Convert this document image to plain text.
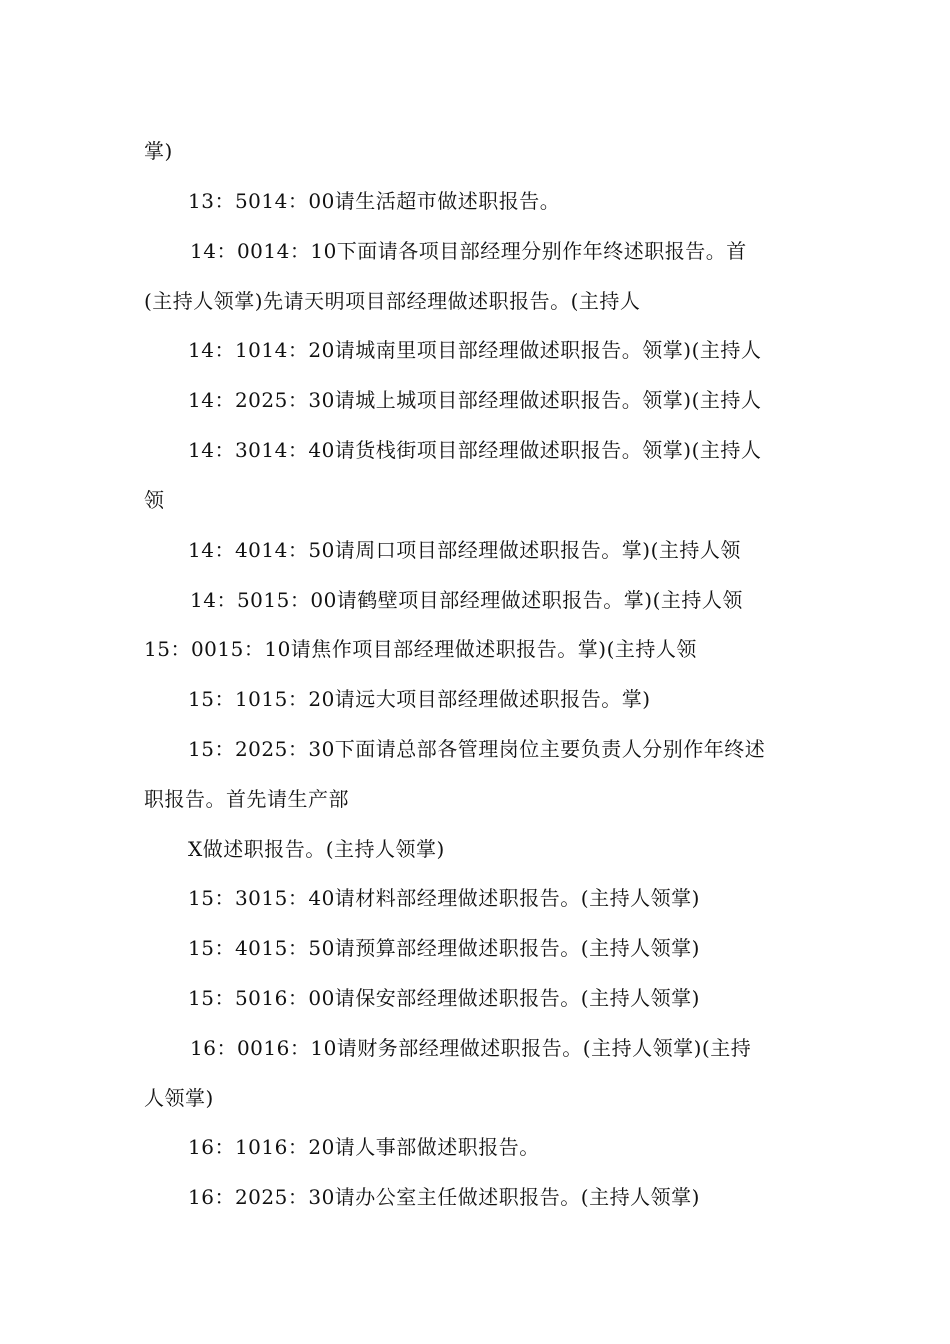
掌)
13：5014：00请生活超市做述职报告。
14：0014：10下面请各项目部经理分别作年终述职报告。首
(主持人领掌)先请天明项目部经理做述职报告。(主持人
14：1014：20请城南里项目部经理做述职报告。领掌)(主持人
14：2025：30请城上城项目部经理做述职报告。领掌)(主持人
14：3014：40请货栈街项目部经理做述职报告。领掌)(主持人
领
14：4014：50请周口项目部经理做述职报告。掌)(主持人领
14：5015：00请鹤壁项目部经理做述职报告。掌)(主持人领
15：0015：10请焦作项目部经理做述职报告。掌)(主持人领
15：1015：20请远大项目部经理做述职报告。掌)
15：2025：30下面请总部各管理岗位主要负责人分别作年终述
职报告。首先请生产部
X做述职报告。(主持人领掌)
15：3015：40请材料部经理做述职报告。(主持人领掌)
15：4015：50请预算部经理做述职报告。(主持人领掌)
15：5016：00请保安部经理做述职报告。(主持人领掌)
16：0016：10请财务部经理做述职报告。(主持人领掌)(主持
人领掌)
16：1016：20请人事部做述职报告。
16：2025：30请办公室主任做述职报告。(主持人领掌)
